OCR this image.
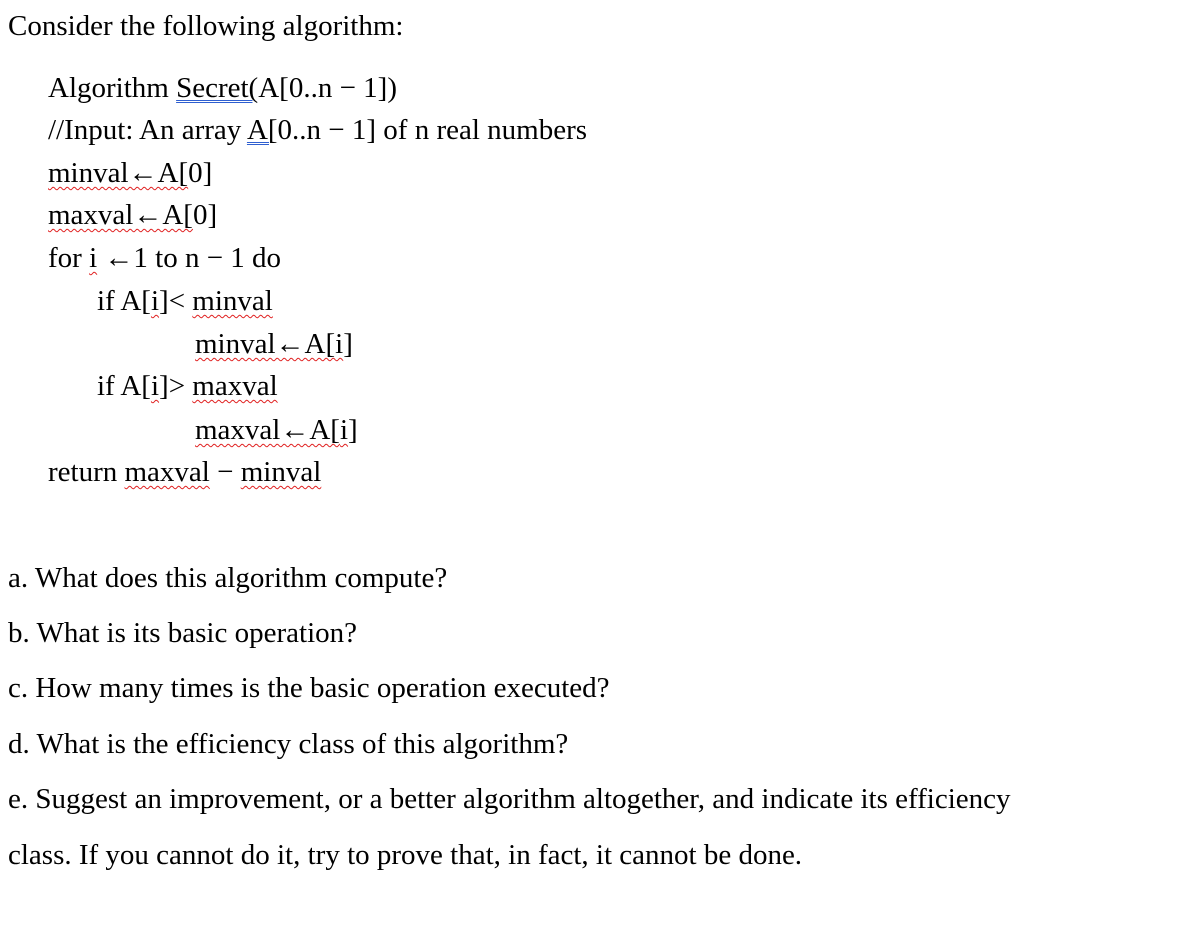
Consider the following algorithm:
Algorithm Secret(A[0..n − 1])
//Input: An array A[0..n − 1] of n real numbers
minval←A[0]
maxval←A[0]
for i ←1 to n − 1 do
if A[i]< minval
minval←A[i]
if A[i]> maxval
maxval←A[i]
return maxval − minval
a. What does this algorithm compute?
b. What is its basic operation?
c. How many times is the basic operation executed?
d. What is the efficiency class of this algorithm?
e. Suggest an improvement, or a better algorithm altogether, and indicate its efficiency
class. If you cannot do it, try to prove that, in fact, it cannot be done.
